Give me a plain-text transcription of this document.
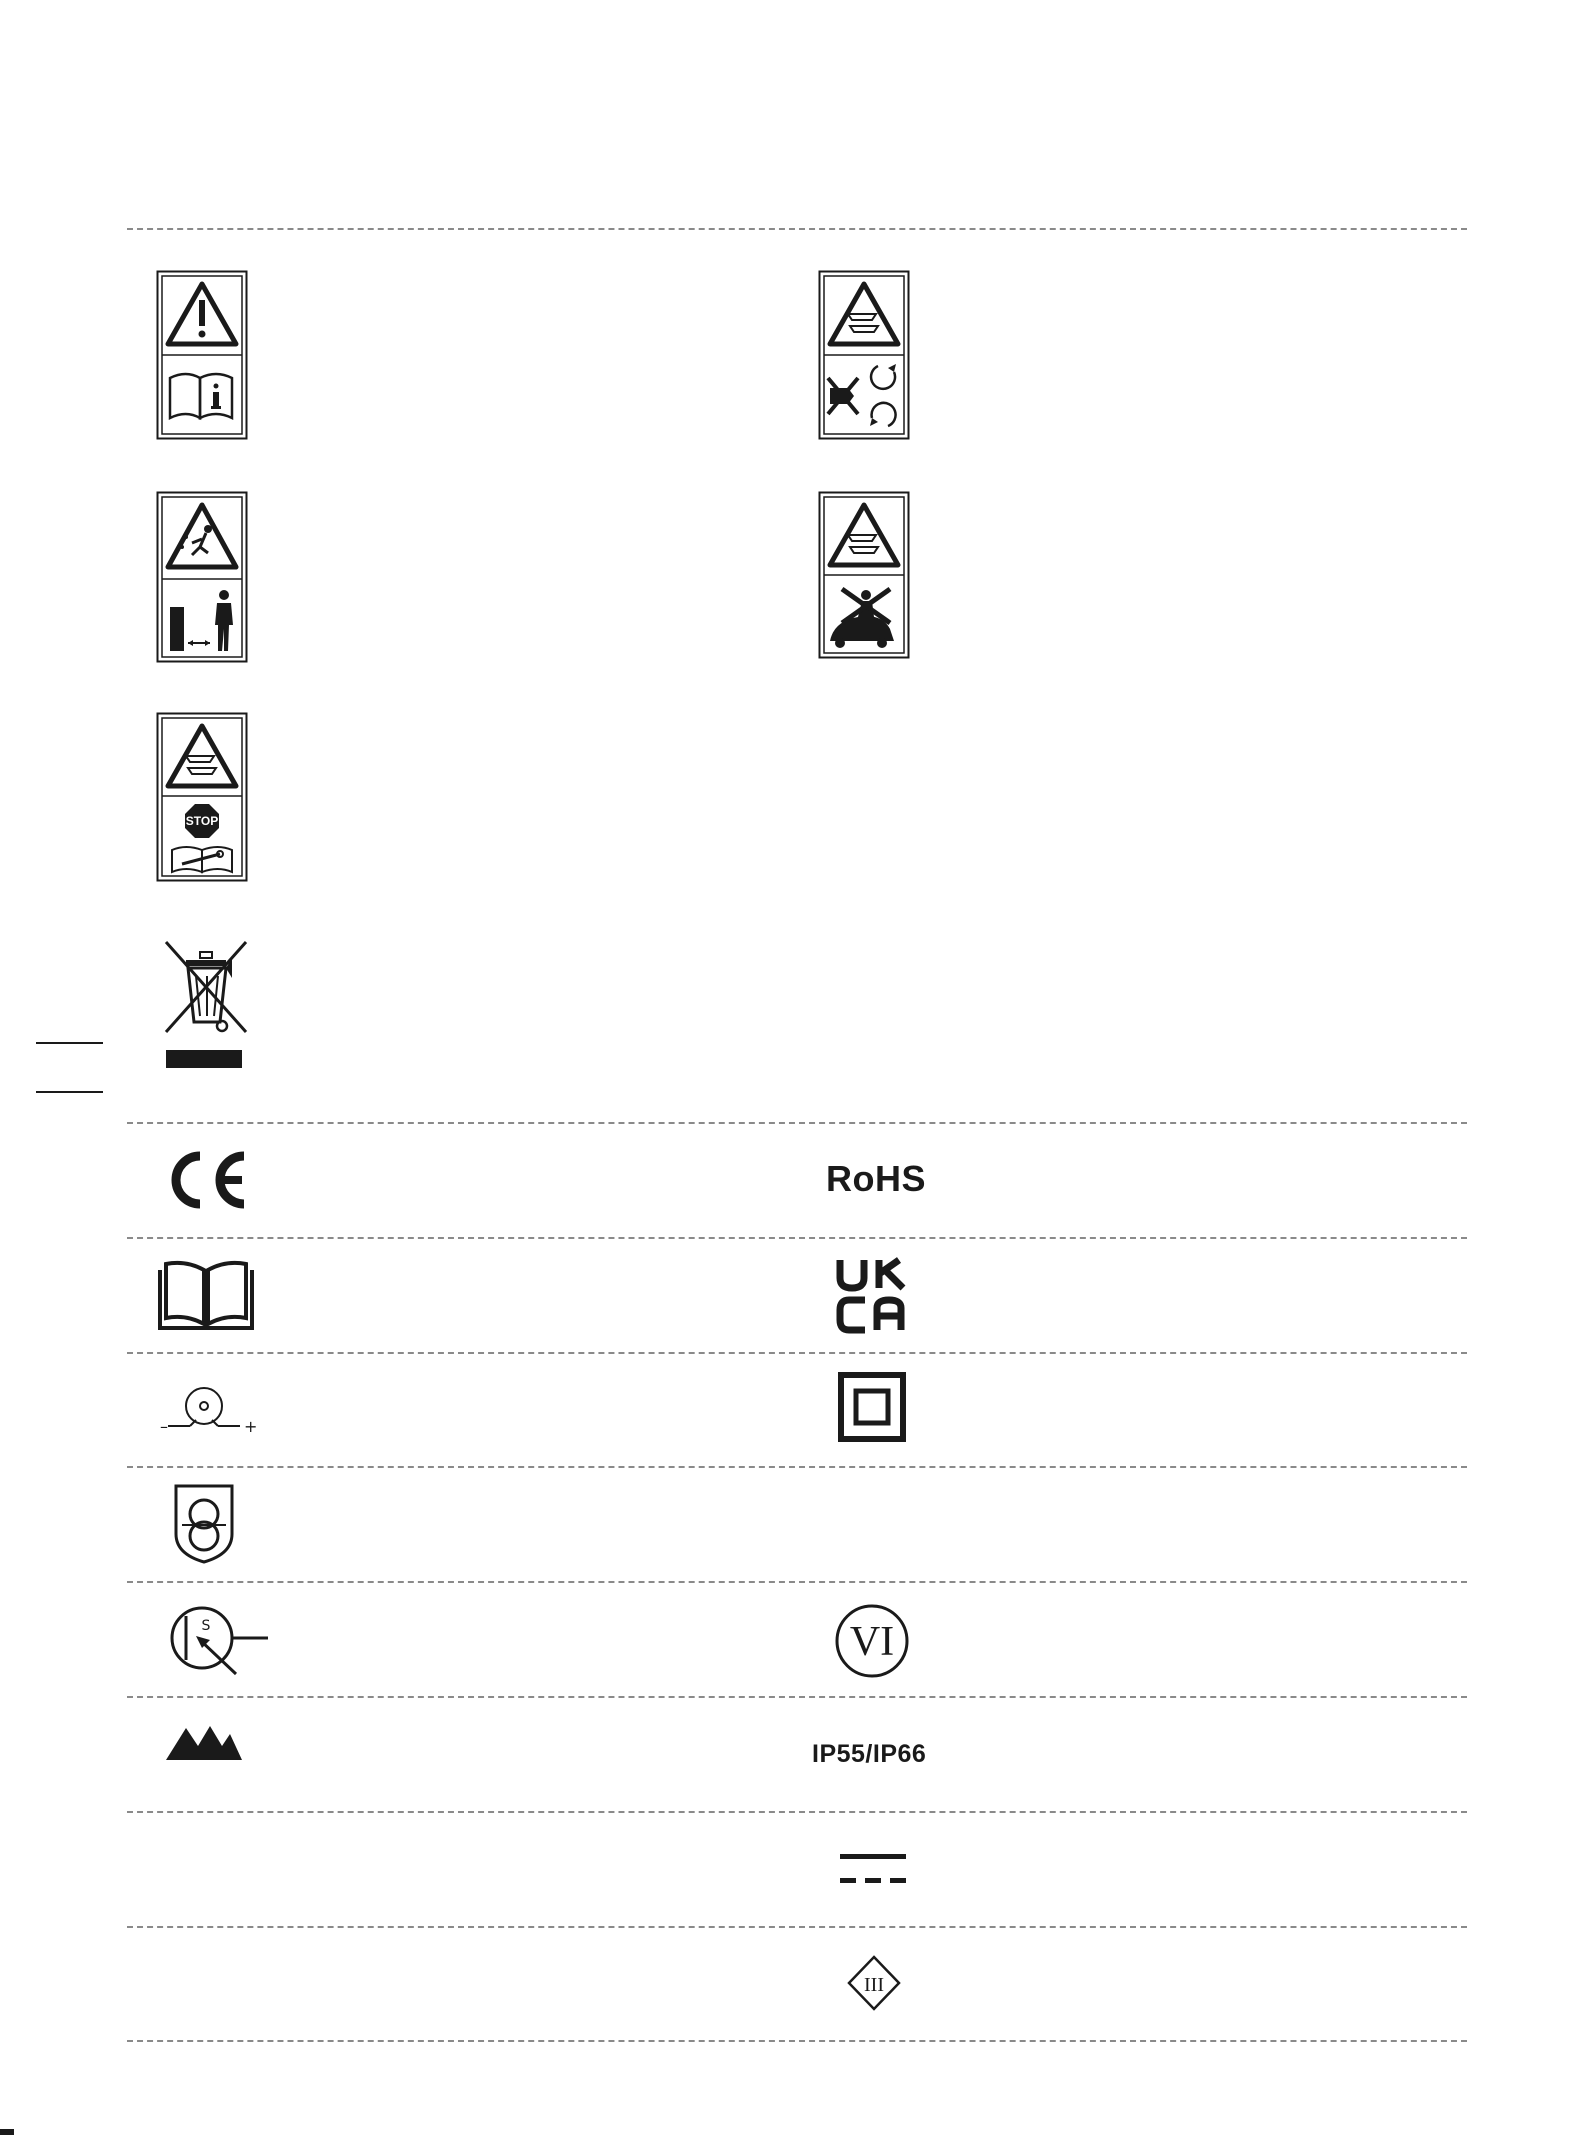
STOP
RoHS
–	+
S	VI
IP55/IP66
III
